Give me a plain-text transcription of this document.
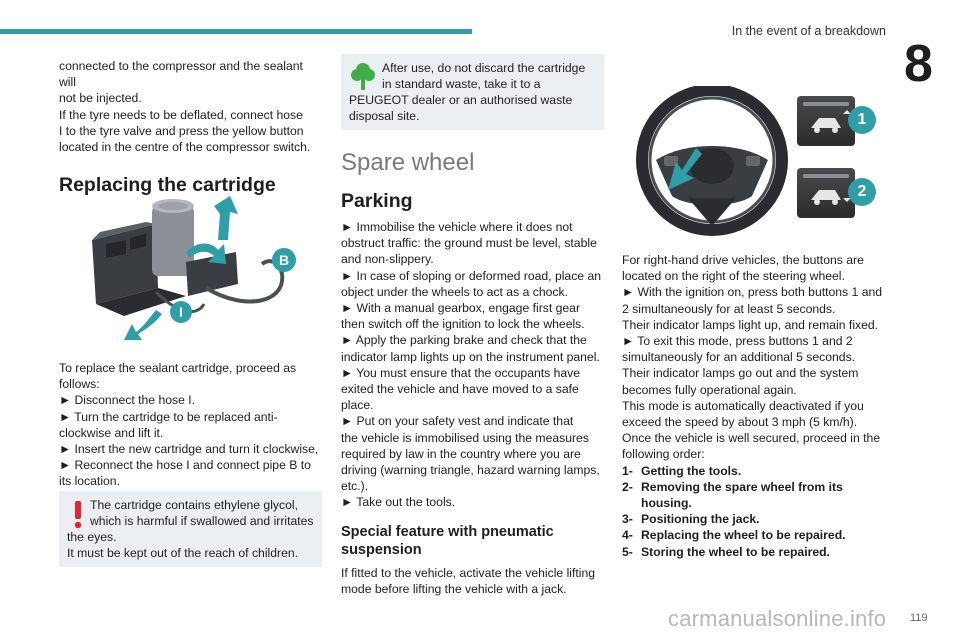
In the event of a breakdown
8

connected to the compressor and the sealant will

not be injected.

If the tyre needs to be deflated, connect hose

I to the tyre valve and press the yellow button

located in the centre of the compressor switch.

Replacing the cartridge
B
I

To replace the sealant cartridge, proceed as

follows:

► Disconnect the hose I.

► Turn the cartridge to be replaced anti-

clockwise and lift it.

► Insert the new cartridge and turn it clockwise,

► Reconnect the hose I and connect pipe B to

its location.

The cartridge contains ethylene glycol,
which is harmful if swallowed and irritates
the eyes.
It must be kept out of the reach of children.
After use, do not discard the cartridge
in standard waste, take it to a
PEUGEOT dealer or an authorised waste
disposal site.
Spare wheel
Parking

► Immobilise the vehicle where it does not

obstruct traffic: the ground must be level, stable

and non-slippery.

► In case of sloping or deformed road, place an

object under the wheels to act as a chock.

► With a manual gearbox, engage first gear

then switch off the ignition to lock the wheels.

► Apply the parking brake and check that the

indicator lamp lights up on the instrument panel.

► You must ensure that the occupants have

exited the vehicle and have moved to a safe

place.

► Put on your safety vest and indicate that

the vehicle is immobilised using the measures

required by law in the country where you are

driving (warning triangle, hazard warning lamps,

etc.).

► Take out the tools.

Special feature with pneumatic
suspension

If fitted to the vehicle, activate the vehicle lifting

mode before lifting the vehicle with a jack.

1
2

For right-hand drive vehicles, the buttons are

located on the right of the steering wheel.

► With the ignition on, press both buttons 1 and

2 simultaneously for at least 5 seconds.

Their indicator lamps light up, and remain fixed.

► To exit this mode, press buttons 1 and 2

simultaneously for an additional 5 seconds.

Their indicator lamps go out and the system

becomes fully operational again.

This mode is automatically deactivated if you

exceed the speed by about 3 mph (5 km/h).

Once the vehicle is well secured, proceed in the

following order:

1- Getting the tools.
2- Removing the spare wheel from its
housing.
3- Positioning the jack.
4- Replacing the wheel to be repaired.
5- Storing the wheel to be repaired.
carmanualsonline.info 119
